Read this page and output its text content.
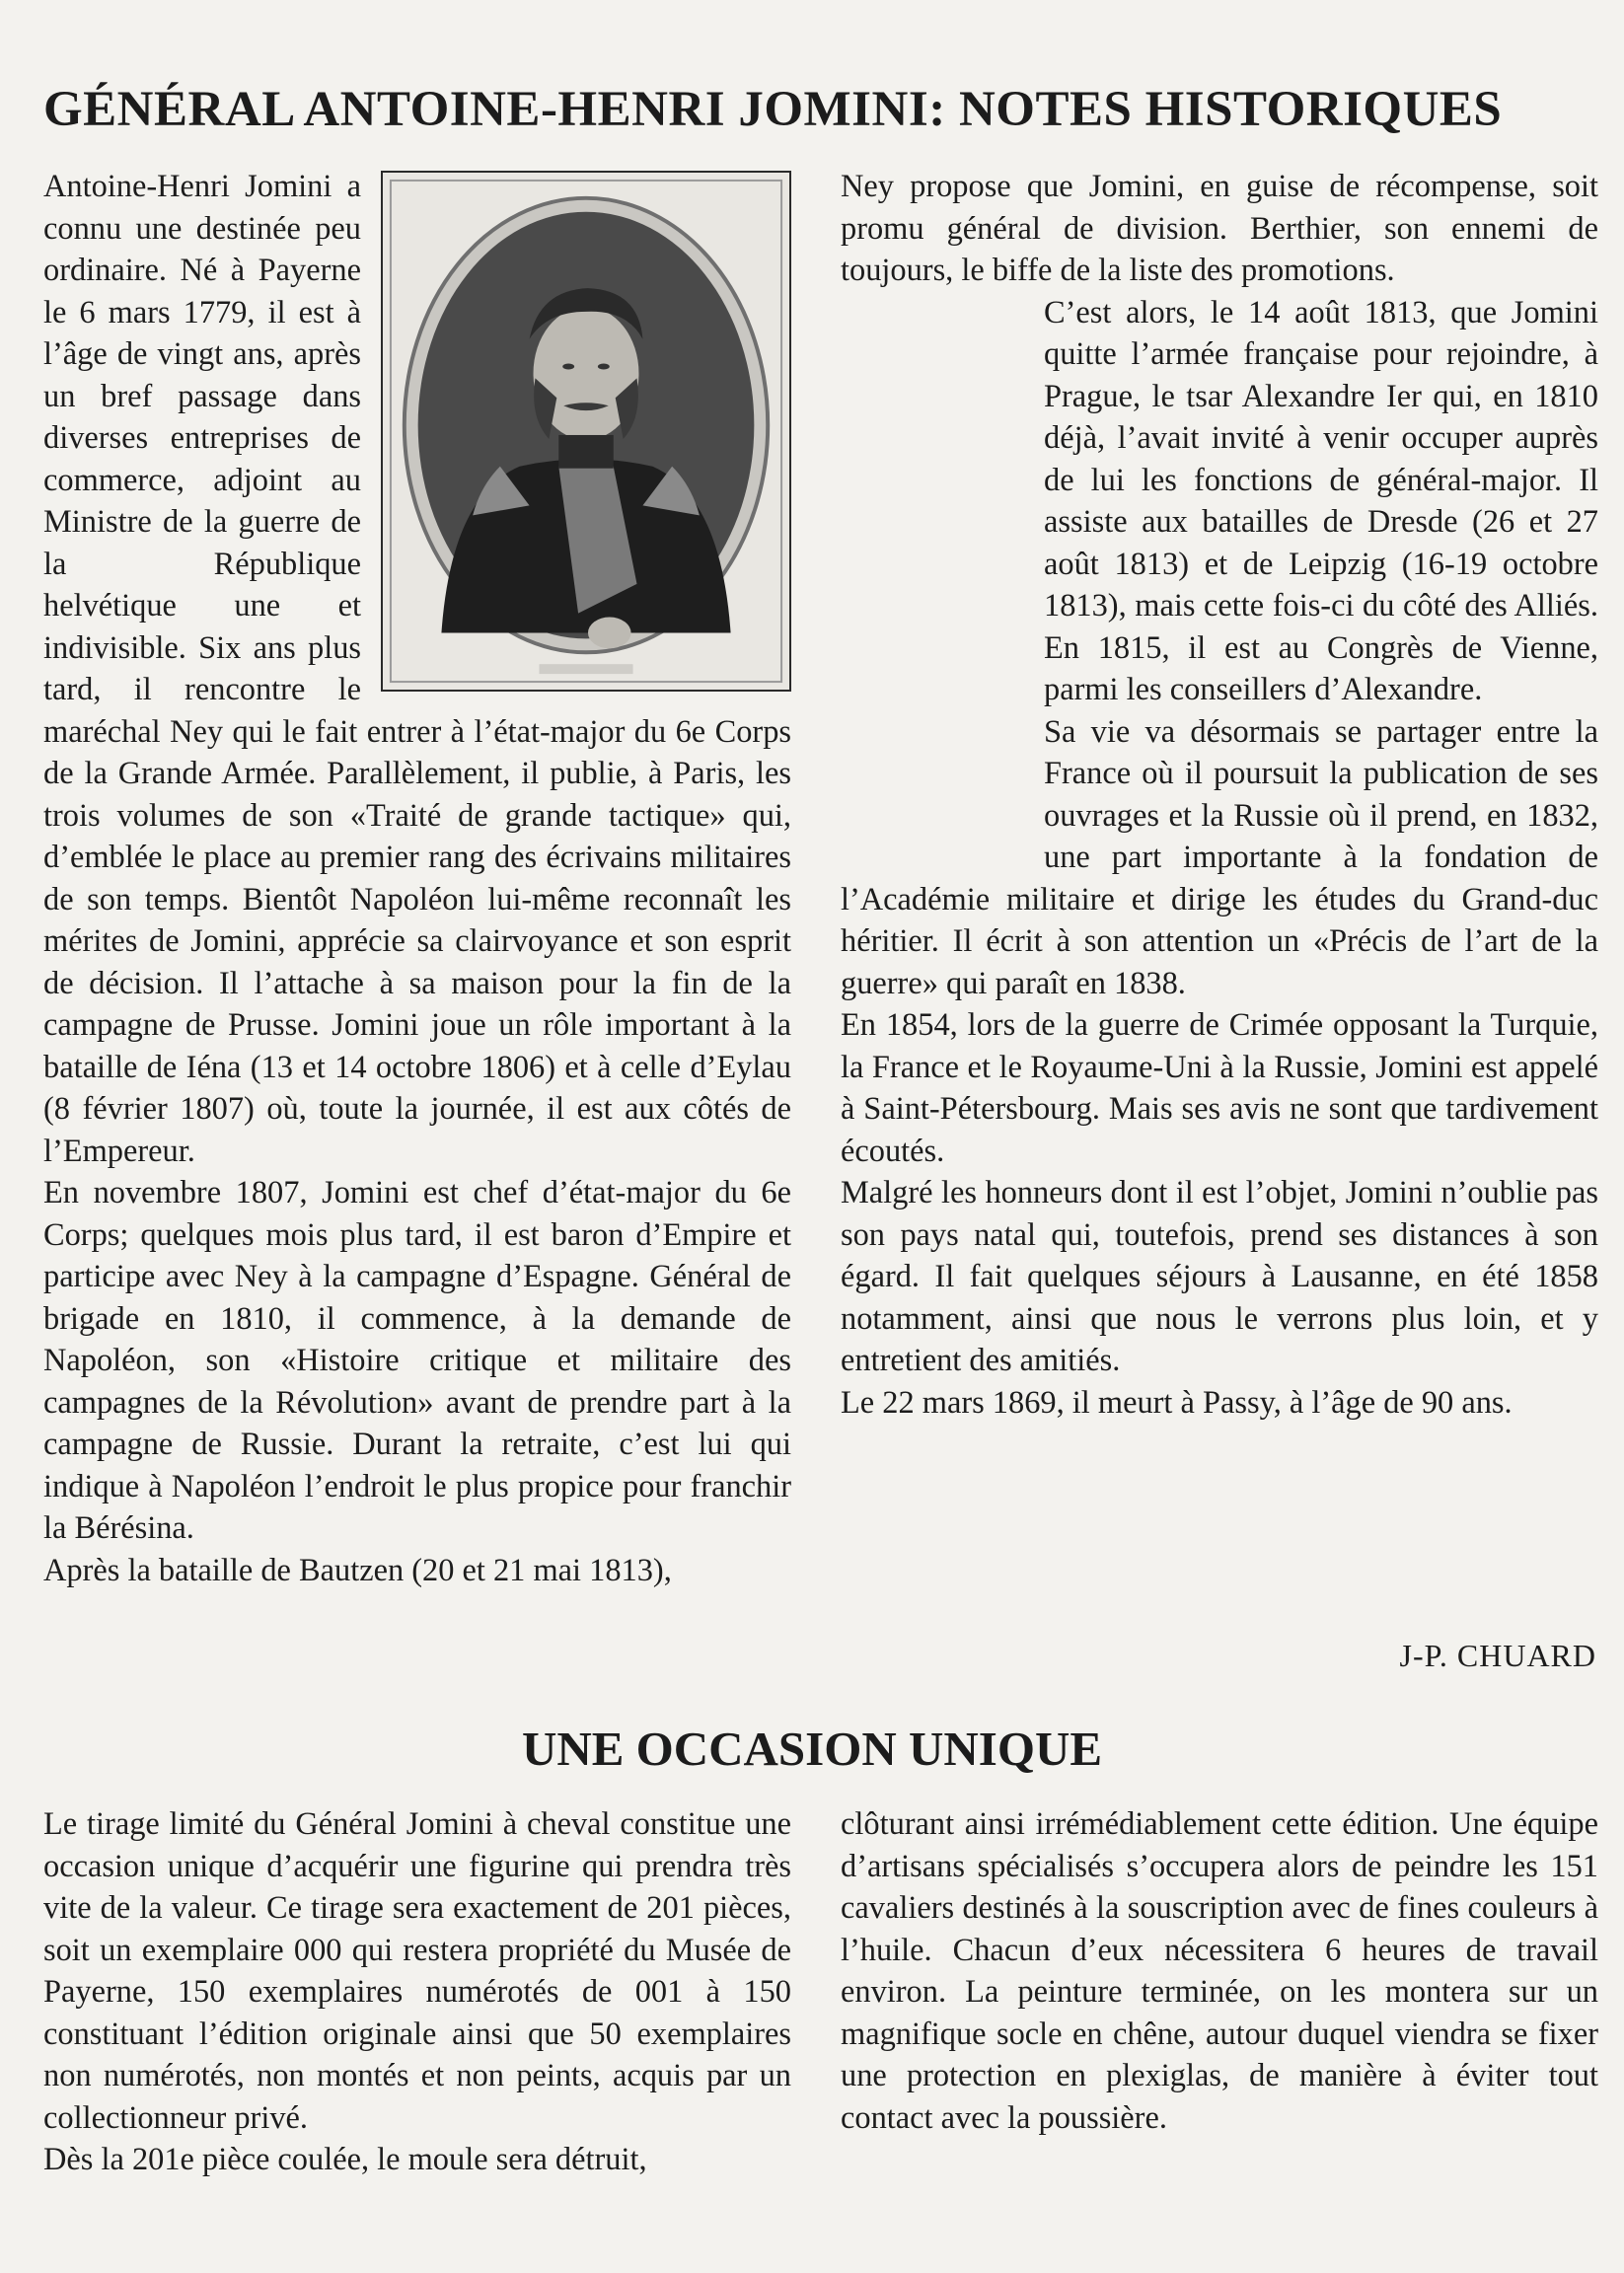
GÉNÉRAL ANTOINE-HENRI JOMINI: NOTES HISTORIQUES

Antoine-Henri Jomini a connu une destinée peu ordinaire. Né à Payerne le 6 mars 1779, il est à l’âge de vingt ans, après un bref passage dans diverses entreprises de commerce, adjoint au Ministre de la guerre de la République helvétique une et indivisible. Six ans plus tard, il rencontre le maréchal Ney qui le fait entrer à l’état-major du 6e Corps de la Grande Armée. Parallèlement, il publie, à Paris, les trois volumes de son «Traité de grande tactique» qui, d’emblée le place au premier rang des écrivains militaires de son temps. Bientôt Napoléon lui-même reconnaît les mérites de Jomini, apprécie sa clairvoyance et son esprit de décision. Il l’attache à sa maison pour la fin de la campagne de Prusse. Jomini joue un rôle important à la bataille de Iéna (13 et 14 octobre 1806) et à celle d’Eylau (8 février 1807) où, toute la journée, il est aux côtés de l’Empereur.

En novembre 1807, Jomini est chef d’état-major du 6e Corps; quelques mois plus tard, il est baron d’Empire et participe avec Ney à la campagne d’Espagne. Général de brigade en 1810, il commence, à la demande de Napoléon, son «Histoire critique et militaire des campagnes de la Révolution» avant de prendre part à la campagne de Russie. Durant la retraite, c’est lui qui indique à Napoléon l’endroit le plus propice pour franchir la Bérésina.

Après la bataille de Bautzen (20 et 21 mai 1813),

Ney propose que Jomini, en guise de récompense, soit promu général de division. Berthier, son ennemi de toujours, le biffe de la liste des promotions.

C’est alors, le 14 août 1813, que Jomini quitte l’armée française pour rejoindre, à Prague, le tsar Alexandre Ier qui, en 1810 déjà, l’avait invité à venir occuper auprès de lui les fonctions de général-major. Il assiste aux batailles de Dresde (26 et 27 août 1813) et de Leipzig (16-19 octobre 1813), mais cette fois-ci du côté des Alliés. En 1815, il est au Congrès de Vienne, parmi les conseillers d’Alexandre.

Sa vie va désormais se partager entre la France où il poursuit la publication de ses ouvrages et la Russie où il prend, en 1832, une part importante à la fondation de l’Académie militaire et dirige les études du Grand-duc héritier. Il écrit à son attention un «Précis de l’art de la guerre» qui paraît en 1838.

En 1854, lors de la guerre de Crimée opposant la Turquie, la France et le Royaume-Uni à la Russie, Jomini est appelé à Saint-Pétersbourg. Mais ses avis ne sont que tardivement écoutés.

Malgré les honneurs dont il est l’objet, Jomini n’oublie pas son pays natal qui, toutefois, prend ses distances à son égard. Il fait quelques séjours à Lausanne, en été 1858 notamment, ainsi que nous le verrons plus loin, et y entretient des amitiés.

Le 22 mars 1869, il meurt à Passy, à l’âge de 90 ans.

J-P. CHUARD
UNE OCCASION UNIQUE

Le tirage limité du Général Jomini à cheval constitue une occasion unique d’acquérir une figurine qui prendra très vite de la valeur. Ce tirage sera exactement de 201 pièces, soit un exemplaire 000 qui restera propriété du Musée de Payerne, 150 exemplaires numérotés de 001 à 150 constituant l’édition originale ainsi que 50 exemplaires non numérotés, non montés et non peints, acquis par un collectionneur privé.

Dès la 201e pièce coulée, le moule sera détruit,

clôturant ainsi irrémédiablement cette édition. Une équipe d’artisans spécialisés s’occupera alors de peindre les 151 cavaliers destinés à la souscription avec de fines couleurs à l’huile. Chacun d’eux nécessitera 6 heures de travail environ. La peinture terminée, on les montera sur un magnifique socle en chêne, autour duquel viendra se fixer une protection en plexiglas, de manière à éviter tout contact avec la poussière.
